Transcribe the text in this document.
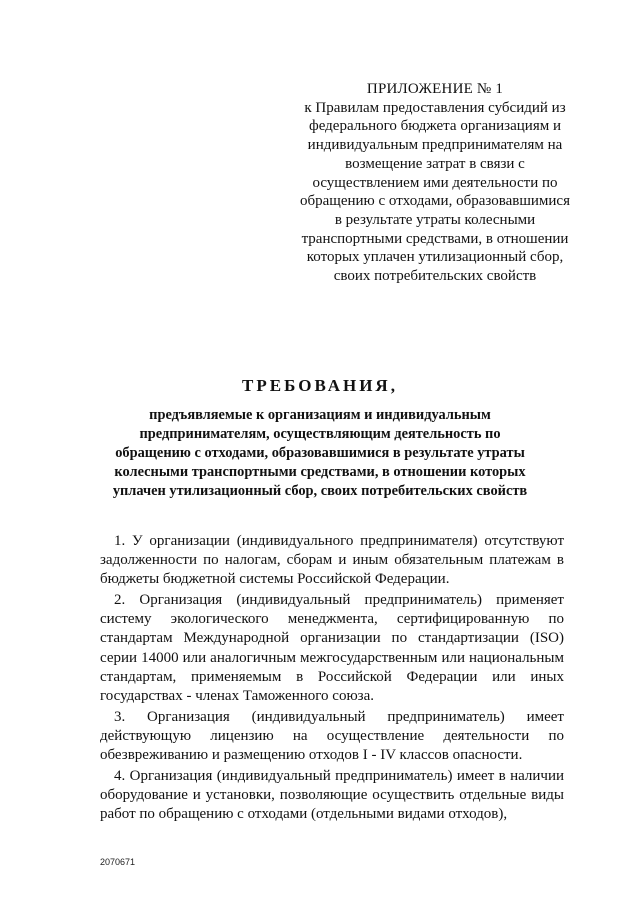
ПРИЛОЖЕНИЕ № 1
к Правилам предоставления субсидий из федерального бюджета организациям и индивидуальным предпринимателям на возмещение затрат в связи с осуществлением ими деятельности по обращению с отходами, образовавшимися в результате утраты колесными транспортными средствами, в отношении которых уплачен утилизационный сбор, своих потребительских свойств
ТРЕБОВАНИЯ,
предъявляемые к организациям и индивидуальным предпринимателям, осуществляющим деятельность по обращению с отходами, образовавшимися в результате утраты колесными транспортными средствами, в отношении которых уплачен утилизационный сбор, своих потребительских свойств

1. У организации (индивидуального предпринимателя) отсутствуют задолженности по налогам, сборам и иным обязательным платежам в бюджеты бюджетной системы Российской Федерации.

2. Организация (индивидуальный предприниматель) применяет систему экологического менеджмента, сертифицированную по стандартам Международной организации по стандартизации (ISO) серии 14000 или аналогичным межгосударственным или национальным стандартам, применяемым в Российской Федерации или иных государствах - членах Таможенного союза.

3. Организация (индивидуальный предприниматель) имеет действующую лицензию на осуществление деятельности по обезвреживанию и размещению отходов I - IV классов опасности.

4. Организация (индивидуальный предприниматель) имеет в наличии оборудование и установки, позволяющие осуществить отдельные виды работ по обращению с отходами (отдельными видами отходов),

2070671
